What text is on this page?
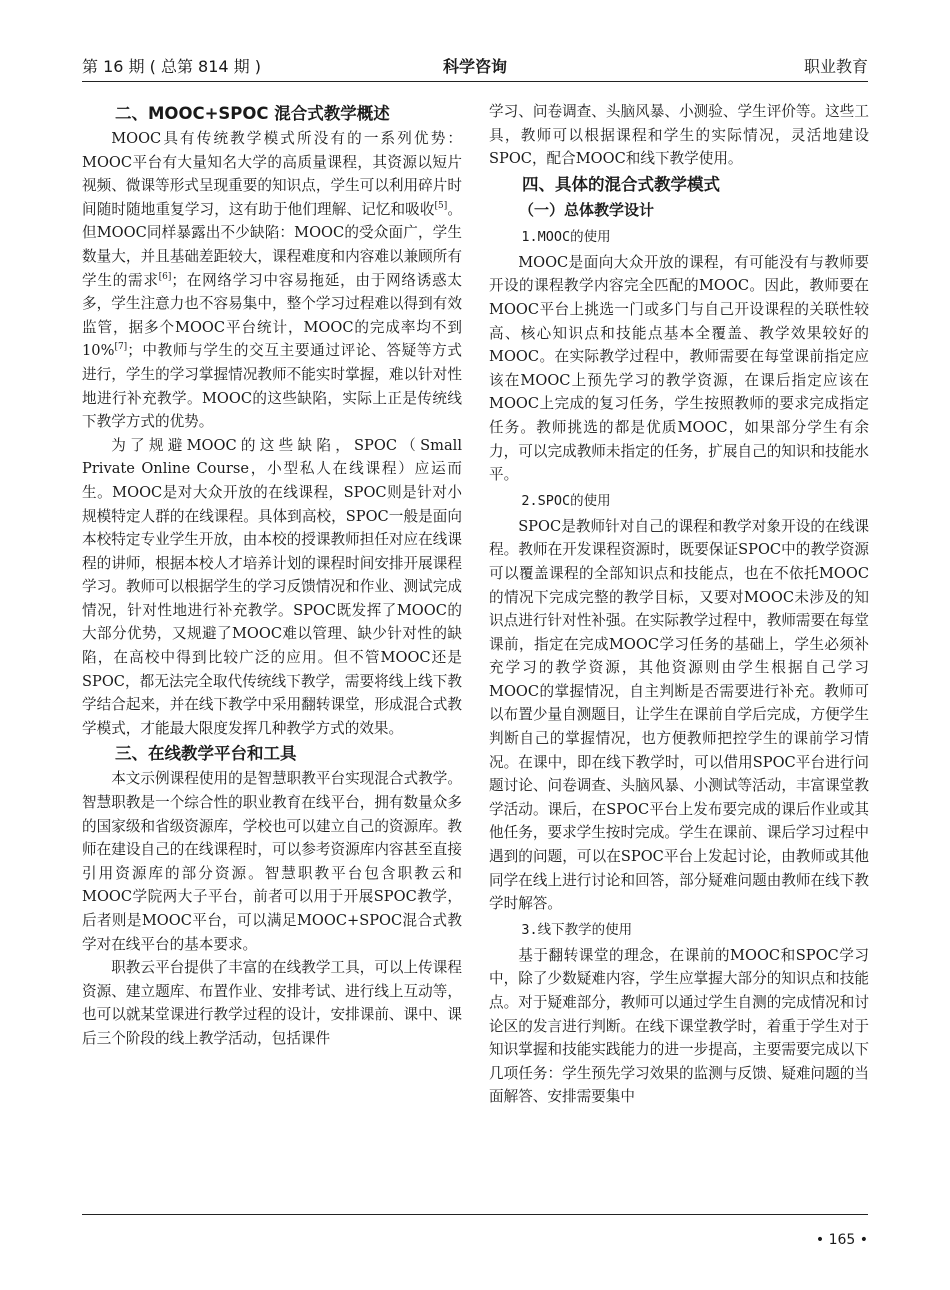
第 16 期 ( 总第 814 期 )	科学咨询	职业教育
二、MOOC+SPOC 混合式教学概述

MOOC具有传统教学模式所没有的一系列优势：MOOC平台有大量知名大学的高质量课程，其资源以短片视频、微课等形式呈现重要的知识点，学生可以利用碎片时间随时随地重复学习，这有助于他们理解、记忆和吸收[5]。但MOOC同样暴露出不少缺陷：MOOC的受众面广，学生数量大，并且基础差距较大，课程难度和内容难以兼顾所有学生的需求[6]；在网络学习中容易拖延，由于网络诱惑太多，学生注意力也不容易集中，整个学习过程难以得到有效监管，据多个MOOC平台统计，MOOC的完成率均不到10%[7]；中教师与学生的交互主要通过评论、答疑等方式进行，学生的学习掌握情况教师不能实时掌握，难以针对性地进行补充教学。MOOC的这些缺陷，实际上正是传统线下教学方式的优势。

为了规避MOOC的这些缺陷，SPOC（Small Private Online Course，小型私人在线课程）应运而生。MOOC是对大众开放的在线课程，SPOC则是针对小规模特定人群的在线课程。具体到高校，SPOC一般是面向本校特定专业学生开放，由本校的授课教师担任对应在线课程的讲师，根据本校人才培养计划的课程时间安排开展课程学习。教师可以根据学生的学习反馈情况和作业、测试完成情况，针对性地进行补充教学。SPOC既发挥了MOOC的大部分优势，又规避了MOOC难以管理、缺少针对性的缺陷，在高校中得到比较广泛的应用。但不管MOOC还是SPOC，都无法完全取代传统线下教学，需要将线上线下教学结合起来，并在线下教学中采用翻转课堂，形成混合式教学模式，才能最大限度发挥几种教学方式的效果。

三、在线教学平台和工具

本文示例课程使用的是智慧职教平台实现混合式教学。智慧职教是一个综合性的职业教育在线平台，拥有数量众多的国家级和省级资源库，学校也可以建立自己的资源库。教师在建设自己的在线课程时，可以参考资源库内容甚至直接引用资源库的部分资源。智慧职教平台包含职教云和MOOC学院两大子平台，前者可以用于开展SPOC教学，后者则是MOOC平台，可以满足MOOC+SPOC混合式教学对在线平台的基本要求。

职教云平台提供了丰富的在线教学工具，可以上传课程资源、建立题库、布置作业、安排考试、进行线上互动等，也可以就某堂课进行教学过程的设计，安排课前、课中、课后三个阶段的线上教学活动，包括课件

学习、问卷调查、头脑风暴、小测验、学生评价等。这些工具，教师可以根据课程和学生的实际情况，灵活地建设SPOC，配合MOOC和线下教学使用。

四、具体的混合式教学模式
（一）总体教学设计
1.MOOC的使用

MOOC是面向大众开放的课程，有可能没有与教师要开设的课程教学内容完全匹配的MOOC。因此，教师要在MOOC平台上挑选一门或多门与自己开设课程的关联性较高、核心知识点和技能点基本全覆盖、教学效果较好的MOOC。在实际教学过程中，教师需要在每堂课前指定应该在MOOC上预先学习的教学资源，在课后指定应该在MOOC上完成的复习任务，学生按照教师的要求完成指定任务。教师挑选的都是优质MOOC，如果部分学生有余力，可以完成教师未指定的任务，扩展自己的知识和技能水平。

2.SPOC的使用

SPOC是教师针对自己的课程和教学对象开设的在线课程。教师在开发课程资源时，既要保证SPOC中的教学资源可以覆盖课程的全部知识点和技能点，也在不依托MOOC的情况下完成完整的教学目标，又要对MOOC未涉及的知识点进行针对性补强。在实际教学过程中，教师需要在每堂课前，指定在完成MOOC学习任务的基础上，学生必须补充学习的教学资源，其他资源则由学生根据自己学习MOOC的掌握情况，自主判断是否需要进行补充。教师可以布置少量自测题目，让学生在课前自学后完成，方便学生判断自己的掌握情况，也方便教师把控学生的课前学习情况。在课中，即在线下教学时，可以借用SPOC平台进行问题讨论、问卷调查、头脑风暴、小测试等活动，丰富课堂教学活动。课后，在SPOC平台上发布要完成的课后作业或其他任务，要求学生按时完成。学生在课前、课后学习过程中遇到的问题，可以在SPOC平台上发起讨论，由教师或其他同学在线上进行讨论和回答，部分疑难问题由教师在线下教学时解答。

3.线下教学的使用

基于翻转课堂的理念，在课前的MOOC和SPOC学习中，除了少数疑难内容，学生应掌握大部分的知识点和技能点。对于疑难部分，教师可以通过学生自测的完成情况和讨论区的发言进行判断。在线下课堂教学时，着重于学生对于知识掌握和技能实践能力的进一步提高，主要需要完成以下几项任务：学生预先学习效果的监测与反馈、疑难问题的当面解答、安排需要集中

• 165 •
